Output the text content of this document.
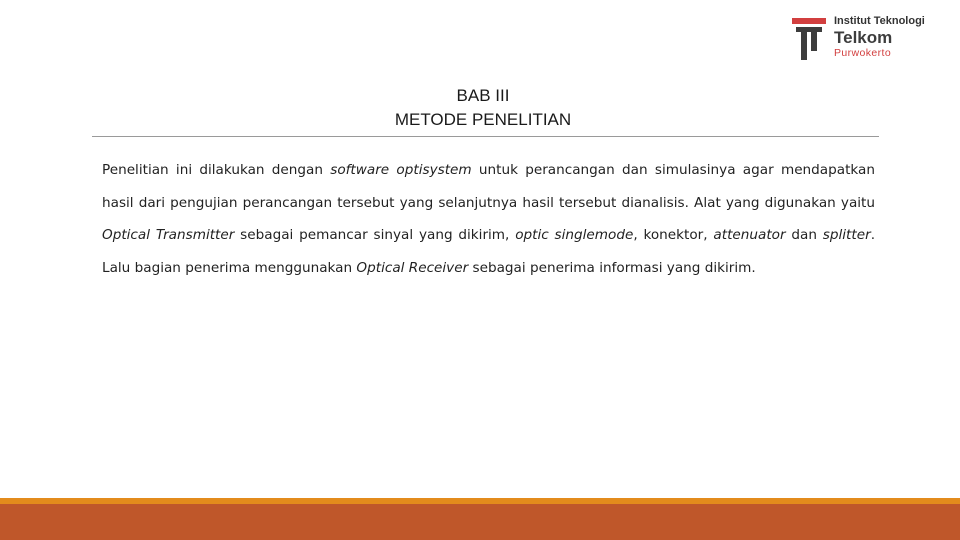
Institut Teknologi
Telkom
Purwokerto
BAB III
METODE PENELITIAN
Penelitian ini dilakukan dengan software optisystem untuk perancangan dan simulasinya agar mendapatkan hasil dari pengujian perancangan tersebut yang selanjutnya hasil tersebut dianalisis. Alat yang digunakan yaitu Optical Transmitter sebagai pemancar sinyal yang dikirim, optic singlemode, konektor, attenuator dan splitter. Lalu bagian penerima menggunakan Optical Receiver sebagai penerima informasi yang dikirim.
